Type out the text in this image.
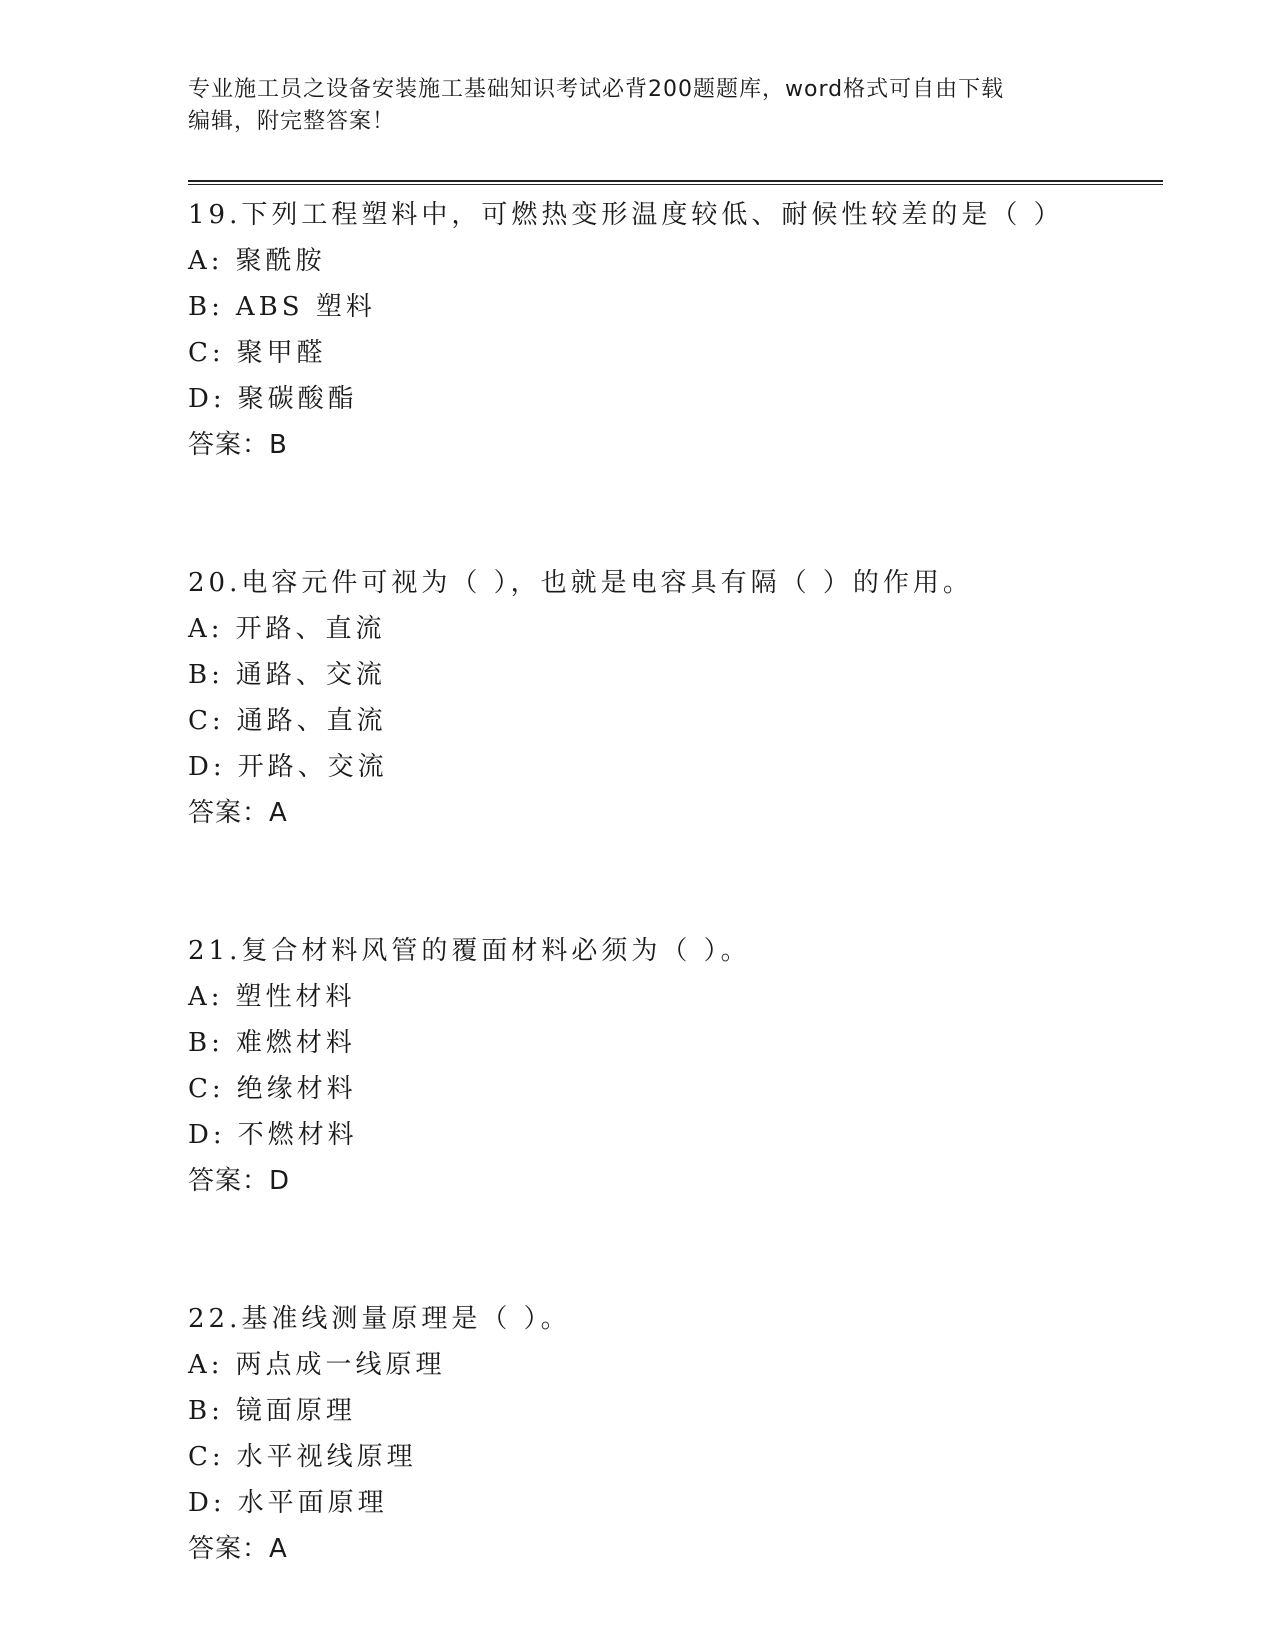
专业施工员之设备安装施工基础知识考试必背200题题库，word格式可自由下载
编辑，附完整答案！
19.下列工程塑料中，可燃热变形温度较低、耐候性较差的是（ ）
A: 聚酰胺
B: ABS 塑料
C: 聚甲醛
D: 聚碳酸酯
答案：B
20.电容元件可视为（ ），也就是电容具有隔（ ）的作用。
A: 开路、直流
B: 通路、交流
C: 通路、直流
D: 开路、交流
答案：A
21.复合材料风管的覆面材料必须为（ ）。
A: 塑性材料
B: 难燃材料
C: 绝缘材料
D: 不燃材料
答案：D
22.基准线测量原理是（ ）。
A: 两点成一线原理
B: 镜面原理
C: 水平视线原理
D: 水平面原理
答案：A
